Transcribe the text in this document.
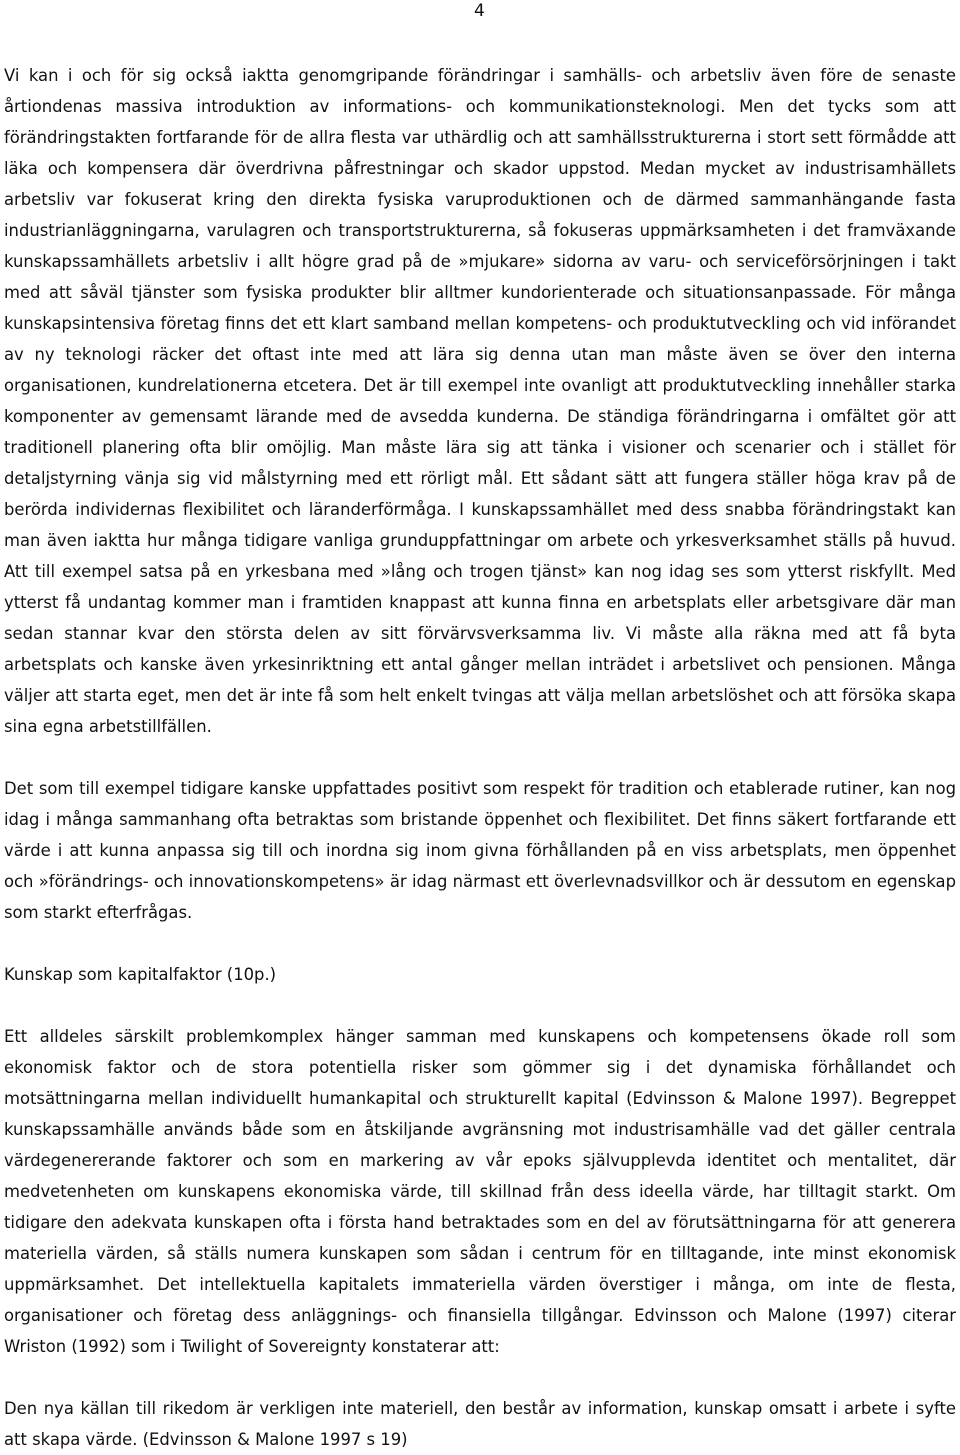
4

Vi kan i och för sig också iaktta genomgripande förändringar i samhälls- och arbetsliv även före de senaste årtiondenas massiva introduktion av informations- och kommunikationsteknologi. Men det tycks som att förändringstakten fortfarande för de allra flesta var uthärdlig och att samhällsstrukturerna i stort sett förmådde att läka och kompensera där överdrivna påfrestningar och skador uppstod. Medan mycket av industrisamhällets arbetsliv var fokuserat kring den direkta fysiska varuproduktionen och de därmed sammanhängande fasta industrianläggningarna, varulagren och transportstrukturerna, så fokuseras uppmärksamheten i det framväxande kunskapssamhällets arbetsliv i allt högre grad på de »mjukare» sidorna av varu- och serviceförsörjningen i takt med att såväl tjänster som fysiska produkter blir alltmer kundorienterade och situationsanpassade. För många kunskapsintensiva företag finns det ett klart samband mellan kompetens- och produktutveckling och vid införandet av ny teknologi räcker det oftast inte med att lära sig denna utan man måste även se över den interna organisationen, kundrelationerna etcetera. Det är till exempel inte ovanligt att produktutveckling innehåller starka komponenter av gemensamt lärande med de avsedda kunderna. De ständiga förändringarna i omfältet gör att traditionell planering ofta blir omöjlig. Man måste lära sig att tänka i visioner och scenarier och i stället för detaljstyrning vänja sig vid målstyrning med ett rörligt mål. Ett sådant sätt att fungera ställer höga krav på de berörda individernas flexibilitet och läranderförmåga. I kunskapssamhället med dess snabba förändringstakt kan man även iaktta hur många tidigare vanliga grunduppfattningar om arbete och yrkesverksamhet ställs på huvud. Att till exempel satsa på en yrkesbana med »lång och trogen tjänst» kan nog idag ses som ytterst riskfyllt. Med ytterst få undantag kommer man i framtiden knappast att kunna finna en arbetsplats eller arbetsgivare där man sedan stannar kvar den största delen av sitt förvärvsverksamma liv. Vi måste alla räkna med att få byta arbetsplats och kanske även yrkesinriktning ett antal gånger mellan inträdet i arbetslivet och pensionen. Många väljer att starta eget, men det är inte få som helt enkelt tvingas att välja mellan arbetslöshet och att försöka skapa sina egna arbetstillfällen.

Det som till exempel tidigare kanske uppfattades positivt som respekt för tradition och etablerade rutiner, kan nog idag i många sammanhang ofta betraktas som bristande öppenhet och flexibilitet. Det finns säkert fortfarande ett värde i att kunna anpassa sig till och inordna sig inom givna förhållanden på en viss arbetsplats, men öppenhet och »förändrings- och innovationskompetens» är idag närmast ett överlevnadsvillkor och är dessutom en egenskap som starkt efterfrågas.

Kunskap som kapitalfaktor (10p.)

Ett alldeles särskilt problemkomplex hänger samman med kunskapens och kompetensens ökade roll som ekonomisk faktor och de stora potentiella risker som gömmer sig i det dynamiska förhållandet och motsättningarna mellan individuellt humankapital och strukturellt kapital (Edvinsson & Malone 1997). Begreppet kunskapssamhälle används både som en åtskiljande avgränsning mot industrisamhälle vad det gäller centrala värdegenererande faktorer och som en markering av vår epoks självupplevda identitet och mentalitet, där medvetenheten om kunskapens ekonomiska värde, till skillnad från dess ideella värde, har tilltagit starkt. Om tidigare den adekvata kunskapen ofta i första hand betraktades som en del av förutsättningarna för att generera materiella värden, så ställs numera kunskapen som sådan i centrum för en tilltagande, inte minst ekonomisk uppmärksamhet. Det intellektuella kapitalets immateriella värden överstiger i många, om inte de flesta, organisationer och företag dess anläggnings- och finansiella tillgångar. Edvinsson och Malone (1997) citerar Wriston (1992) som i Twilight of Sovereignty konstaterar att:

Den nya källan till rikedom är verkligen inte materiell, den består av information, kunskap omsatt i arbete i syfte att skapa värde. (Edvinsson & Malone 1997 s 19)
